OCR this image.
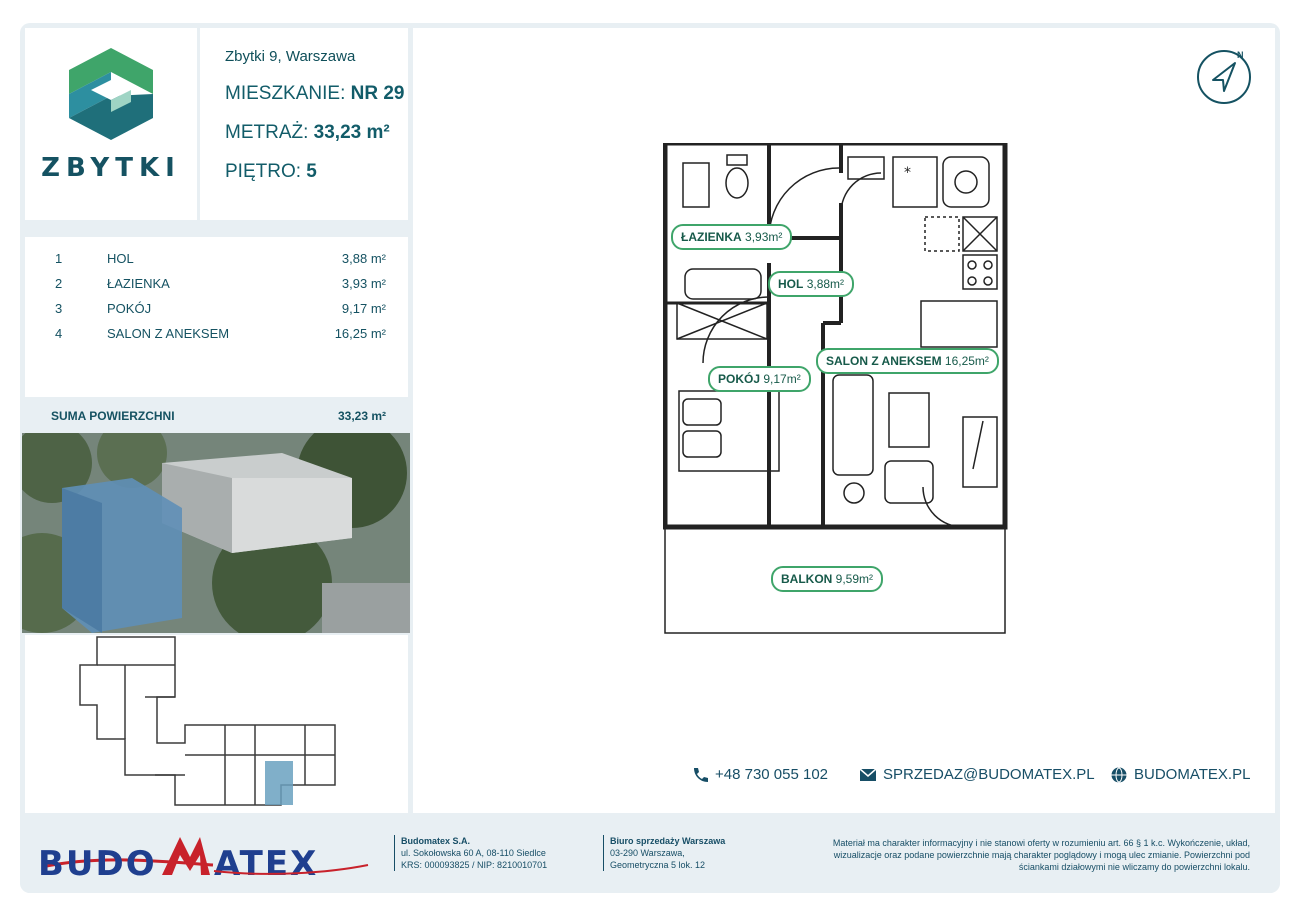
ZBYTKI
Zbytki 9, Warszawa
MIESZKANIE: NR 29
METRAŻ: 33,23 m²
PIĘTRO: 5
1	HOL	3,88 m²
2	ŁAZIENKA	3,93 m²
3	POKÓJ	9,17 m²
4	SALON Z ANEKSEM	16,25 m²
SUMA POWIERZCHNI	33,23 m²
N
*
ŁAZIENKA 3,93m²
HOL 3,88m²
SALON Z ANEKSEM 16,25m²
POKÓJ 9,17m²
BALKON 9,59m²
+48 730 055 102	SPRZEDAZ@BUDOMATEX.PL	BUDOMATEX.PL
BUDO ATEX
Budomatex S.A.
ul. Sokołowska 60 A, 08-110 Siedlce
KRS: 000093825 / NIP: 8210010701
Biuro sprzedaży Warszawa
03-290 Warszawa,
Geometryczna 5 lok. 12
Materiał ma charakter informacyjny i nie stanowi oferty w rozumieniu art. 66 § 1 k.c. Wykończenie, układ, wizualizacje oraz podane powierzchnie mają charakter poglądowy i mogą ulec zmianie. Powierzchni pod ściankami działowymi nie wliczamy do powierzchni lokalu.
